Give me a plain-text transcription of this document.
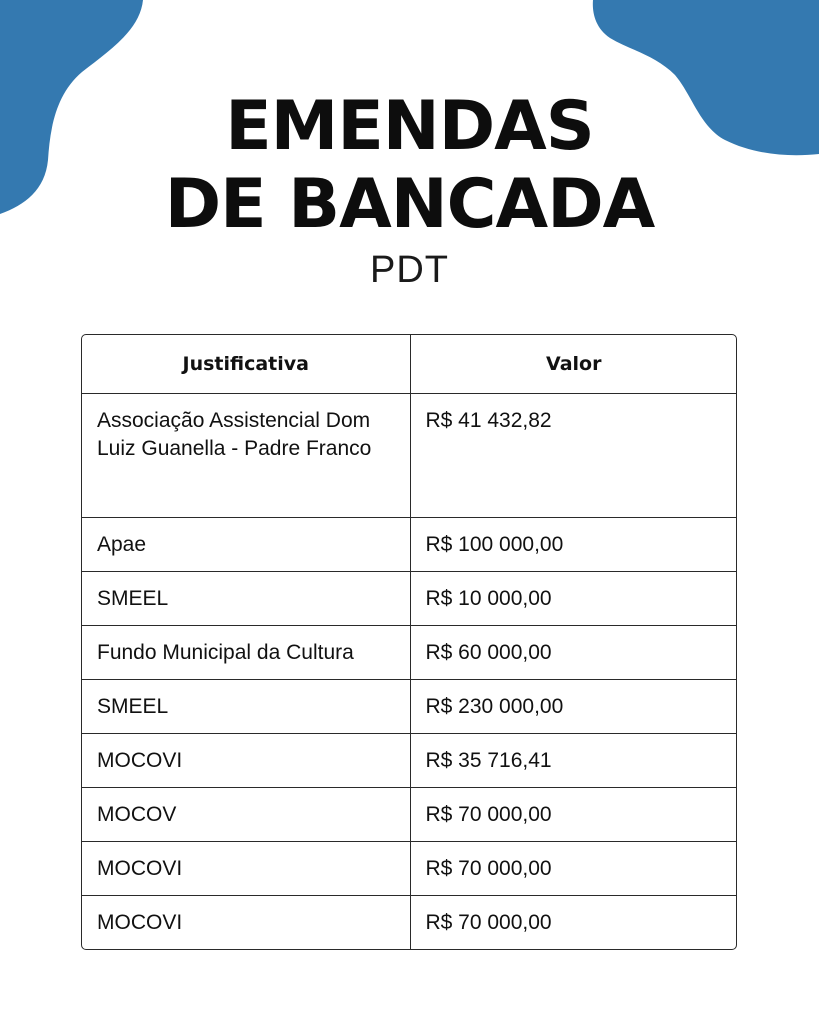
EMENDAS
DE BANCADA
PDT
Justificativa	Valor
Associação Assistencial Dom Luiz Guanella - Padre Franco	R$ 41 432,82
Apae	R$ 100 000,00
SMEEL	R$ 10 000,00
Fundo Municipal da Cultura	R$ 60 000,00
SMEEL	R$ 230 000,00
MOCOVI	R$ 35 716,41
MOCOV	R$ 70 000,00
MOCOVI	R$ 70 000,00
MOCOVI	R$ 70 000,00
